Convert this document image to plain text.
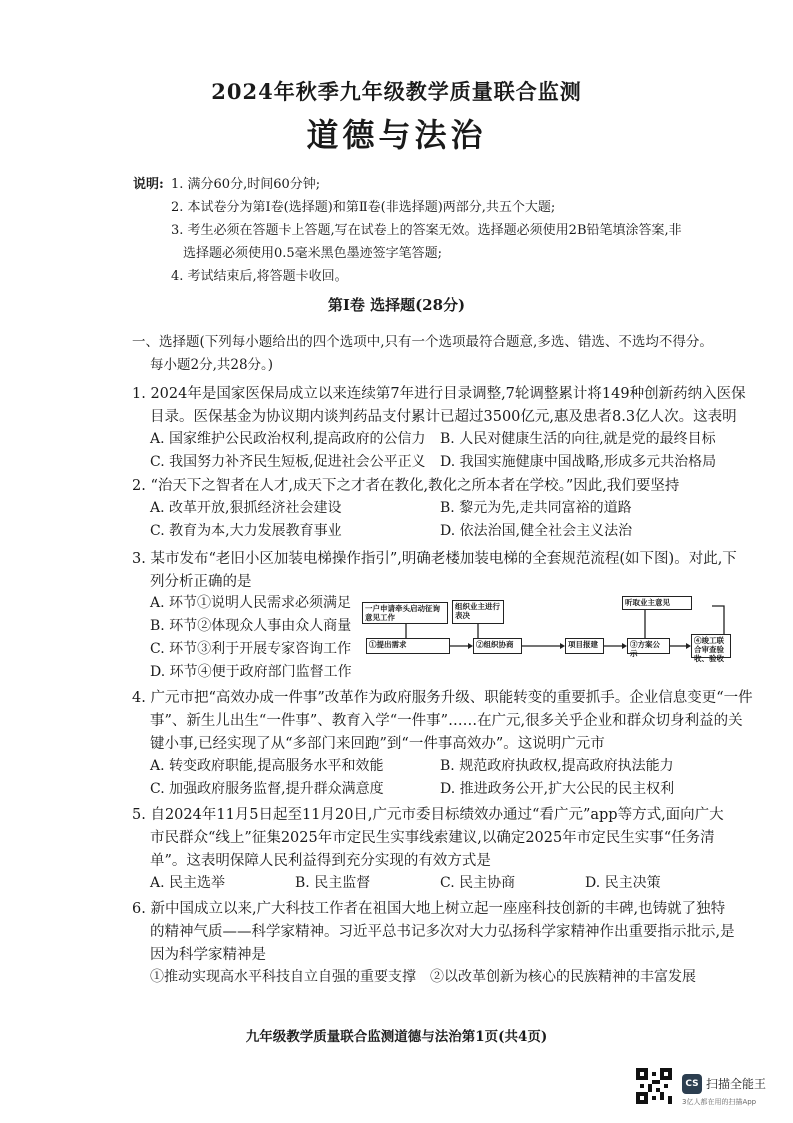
2024年秋季九年级教学质量联合监测
道德与法治
说明: 1. 满分60分,时间60分钟;
2. 本试卷分为第Ⅰ卷(选择题)和第Ⅱ卷(非选择题)两部分,共五个大题;
3. 考生必须在答题卡上答题,写在试卷上的答案无效。选择题必须使用2B铅笔填涂答案,非
选择题必须使用0.5毫米黑色墨迹签字笔答题;
4. 考试结束后,将答题卡收回。
第Ⅰ卷 选择题(28分)
一、选择题(下列每小题给出的四个选项中,只有一个选项最符合题意,多选、错选、不选均不得分。
每小题2分,共28分。)
1. 2024年是国家医保局成立以来连续第7年进行目录调整,7轮调整累计将149种创新药纳入医保
目录。医保基金为协议期内谈判药品支付累计已超过3500亿元,惠及患者8.3亿人次。这表明
A. 国家维护公民政治权利,提高政府的公信力 B. 人民对健康生活的向往,就是党的最终目标
C. 我国努力补齐民生短板,促进社会公平正义 D. 我国实施健康中国战略,形成多元共治格局
2. “治天下之智者在人才,成天下之才者在教化,教化之所本者在学校。”因此,我们要坚持
A. 改革开放,狠抓经济社会建设	B. 黎元为先,走共同富裕的道路
C. 教育为本,大力发展教育事业	D. 依法治国,健全社会主义法治
3. 某市发布“老旧小区加装电梯操作指引”,明确老楼加装电梯的全套规范流程(如下图)。对此,下
列分析正确的是
A. 环节①说明人民需求必须满足
B. 环节②体现众人事由众人商量
C. 环节③利于开展专家咨询工作
D. 环节④便于政府部门监督工作
一户申请牵头启动征询意见工作
组织业主进行表决
听取业主意见
①提出需求	②组织协商	项目报建	③方案公示
④竣工联合审查验收、验收
4. 广元市把“高效办成一件事”改革作为政府服务升级、职能转变的重要抓手。企业信息变更“一件
事”、新生儿出生“一件事”、教育入学“一件事”……在广元,很多关乎企业和群众切身利益的关
键小事,已经实现了从“多部门来回跑”到“一件事高效办”。这说明广元市
A. 转变政府职能,提高服务水平和效能	B. 规范政府执政权,提高政府执法能力
C. 加强政府服务监督,提升群众满意度	D. 推进政务公开,扩大公民的民主权利
5. 自2024年11月5日起至11月20日,广元市委目标绩效办通过“看广元”app等方式,面向广大
市民群众“线上”征集2025年市定民生实事线索建议,以确定2025年市定民生实事“任务清
单”。这表明保障人民利益得到充分实现的有效方式是
A. 民主选举	B. 民主监督	C. 民主协商	D. 民主决策
6. 新中国成立以来,广大科技工作者在祖国大地上树立起一座座科技创新的丰碑,也铸就了独特
的精神气质——科学家精神。习近平总书记多次对大力弘扬科学家精神作出重要指示批示,是
因为科学家精神是
①推动实现高水平科技自立自强的重要支撑 ②以改革创新为核心的民族精神的丰富发展
九年级教学质量联合监测道德与法治第1页(共4页)
CS 扫描全能王
3亿人都在用的扫描App
